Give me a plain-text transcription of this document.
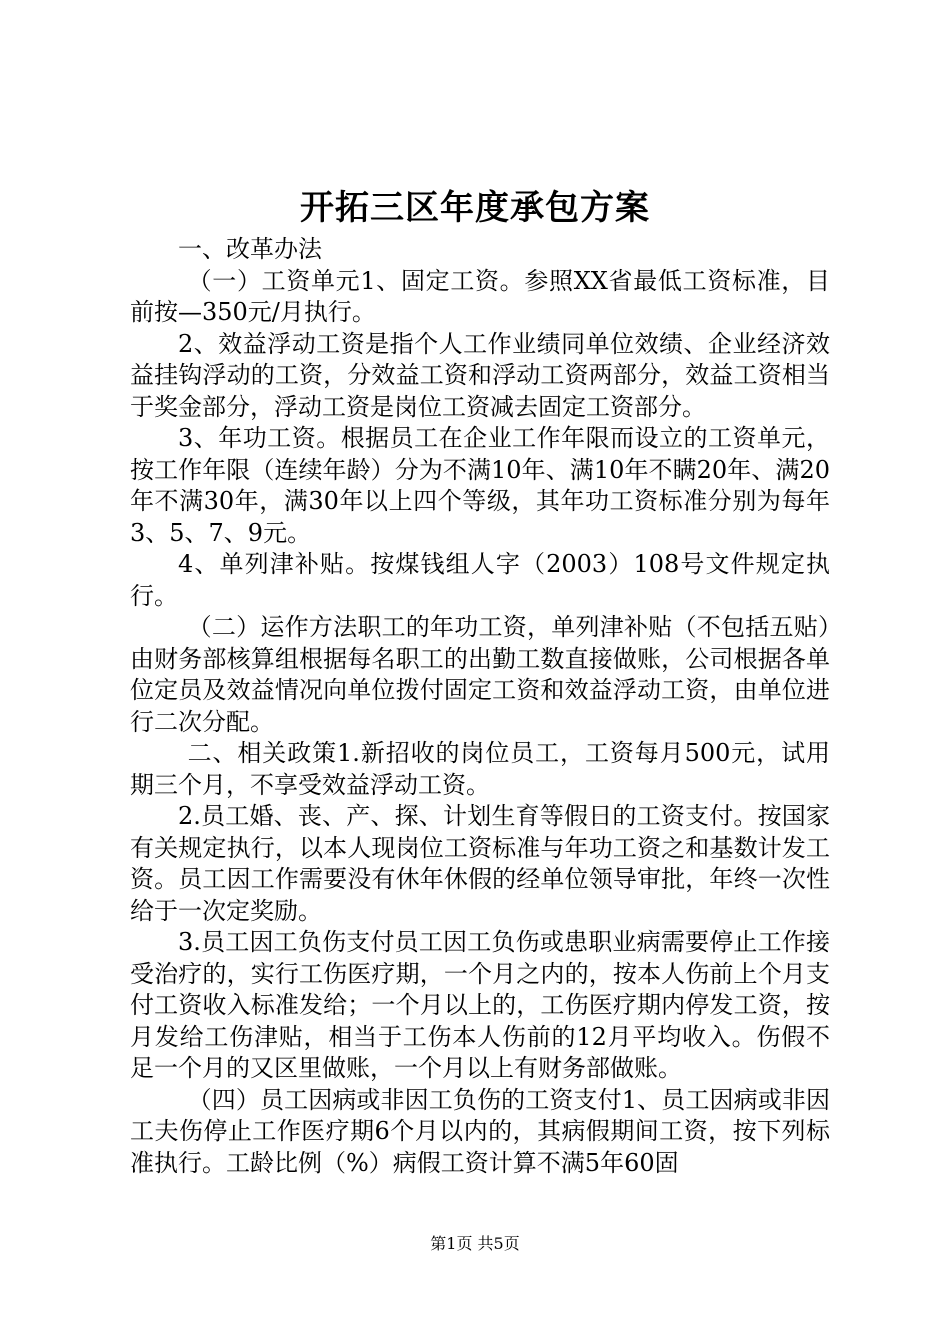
开拓三区年度承包方案

一、改革办法

（一）工资单元1、固定工资。参照XX省最低工资标准，目前按—350元/月执行。

2、效益浮动工资是指个人工作业绩同单位效绩、企业经济效益挂钩浮动的工资，分效益工资和浮动工资两部分，效益工资相当于奖金部分，浮动工资是岗位工资减去固定工资部分。

3、年功工资。根据员工在企业工作年限而设立的工资单元，按工作年限（连续年龄）分为不满10年、满10年不瞒20年、满20年不满30年，满30年以上四个等级，其年功工资标准分别为每年3、5、7、9元。

4、单列津补贴。按煤钱组人字（2003）108号文件规定执行。

（二）运作方法职工的年功工资，单列津补贴（不包括五贴）由财务部核算组根据每名职工的出勤工数直接做账，公司根据各单位定员及效益情况向单位拨付固定工资和效益浮动工资，由单位进行二次分配。

二、相关政策1.新招收的岗位员工，工资每月500元，试用期三个月，不享受效益浮动工资。

2.员工婚、丧、产、探、计划生育等假日的工资支付。按国家有关规定执行，以本人现岗位工资标准与年功工资之和基数计发工资。员工因工作需要没有休年休假的经单位领导审批，年终一次性给于一次定奖励。

3.员工因工负伤支付员工因工负伤或患职业病需要停止工作接受治疗的，实行工伤医疗期，一个月之内的，按本人伤前上个月支付工资收入标准发给；一个月以上的，工伤医疗期内停发工资，按月发给工伤津贴，相当于工伤本人伤前的12月平均收入。伤假不足一个月的又区里做账，一个月以上有财务部做账。

（四）员工因病或非因工负伤的工资支付1、员工因病或非因工夫伤停止工作医疗期6个月以内的，其病假期间工资，按下列标准执行。工龄比例（%）病假工资计算不满5年60固

第1页 共5页
